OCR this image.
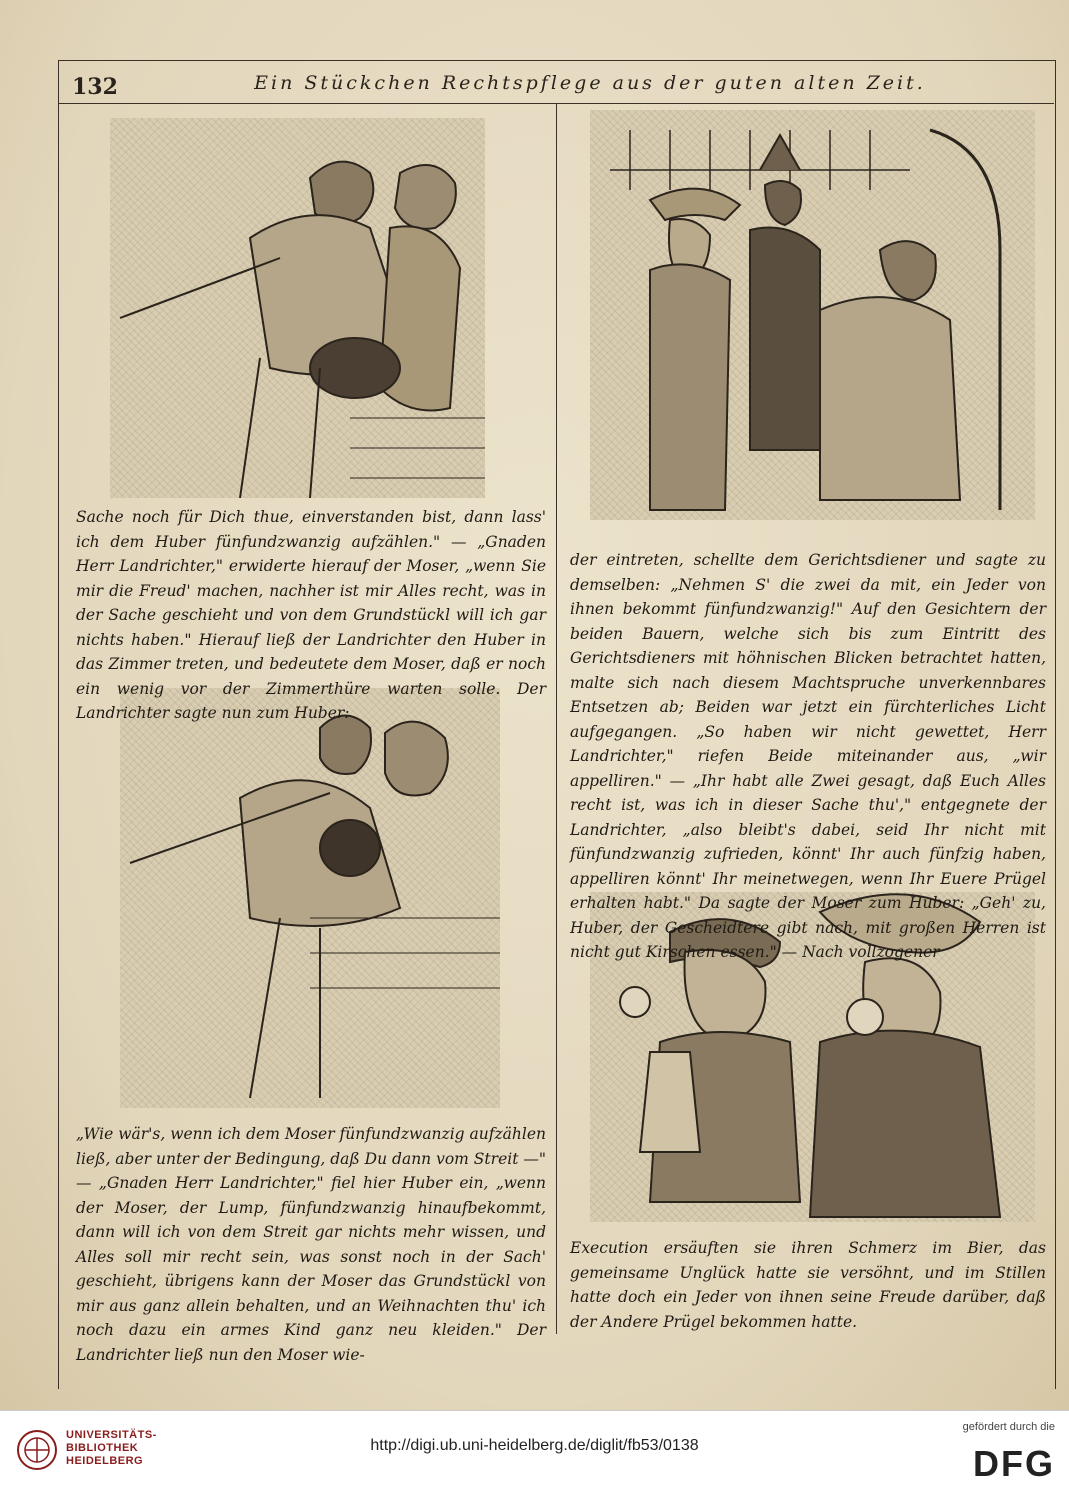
132	Ein Stückchen Rechtspflege aus der guten alten Zeit.
Sache noch für Dich thue, einverstanden bist, dann lass' ich dem Huber fünfundzwanzig aufzählen." — „Gnaden Herr Landrichter," erwiderte hierauf der Moser, „wenn Sie mir die Freud' machen, nachher ist mir Alles recht, was in der Sache geschieht und von dem Grundstückl will ich gar nichts haben." Hierauf ließ der Landrichter den Huber in das Zimmer treten, und bedeutete dem Moser, daß er noch ein wenig vor der Zimmerthüre warten solle. Der Landrichter sagte nun zum Huber:
„Wie wär's, wenn ich dem Moser fünfundzwanzig aufzählen ließ, aber unter der Bedingung, daß Du dann vom Streit —" — „Gnaden Herr Landrichter," fiel hier Huber ein, „wenn der Moser, der Lump, fünfundzwanzig hinaufbekommt, dann will ich von dem Streit gar nichts mehr wissen, und Alles soll mir recht sein, was sonst noch in der Sach' geschieht, übrigens kann der Moser das Grundstückl von mir aus ganz allein behalten, und an Weihnachten thu' ich noch dazu ein armes Kind ganz neu kleiden." Der Landrichter ließ nun den Moser wie-
der eintreten, schellte dem Gerichtsdiener und sagte zu demselben: „Nehmen S' die zwei da mit, ein Jeder von ihnen bekommt fünfundzwanzig!" Auf den Gesichtern der beiden Bauern, welche sich bis zum Eintritt des Gerichtsdieners mit höhnischen Blicken betrachtet hatten, malte sich nach diesem Machtspruche unverkennbares Entsetzen ab; Beiden war jetzt ein fürchterliches Licht aufgegangen. „So haben wir nicht gewettet, Herr Landrichter," riefen Beide miteinander aus, „wir appelliren." — „Ihr habt alle Zwei gesagt, daß Euch Alles recht ist, was ich in dieser Sache thu'," entgegnete der Landrichter, „also bleibt's dabei, seid Ihr nicht mit fünfundzwanzig zufrieden, könnt' Ihr auch fünfzig haben, appelliren könnt' Ihr meinetwegen, wenn Ihr Euere Prügel erhalten habt." Da sagte der Moser zum Huber: „Geh' zu, Huber, der Gescheidtere gibt nach, mit großen Herren ist nicht gut Kirschen essen." — Nach vollzogener
Execution ersäuften sie ihren Schmerz im Bier, das gemeinsame Unglück hatte sie versöhnt, und im Stillen hatte doch ein Jeder von ihnen seine Freude darüber, daß der Andere Prügel bekommen hatte.
UNIVERSITÄTS-
BIBLIOTHEK
HEIDELBERG
http://digi.ub.uni-heidelberg.de/diglit/fb53/0138
gefördert durch die
DFG
